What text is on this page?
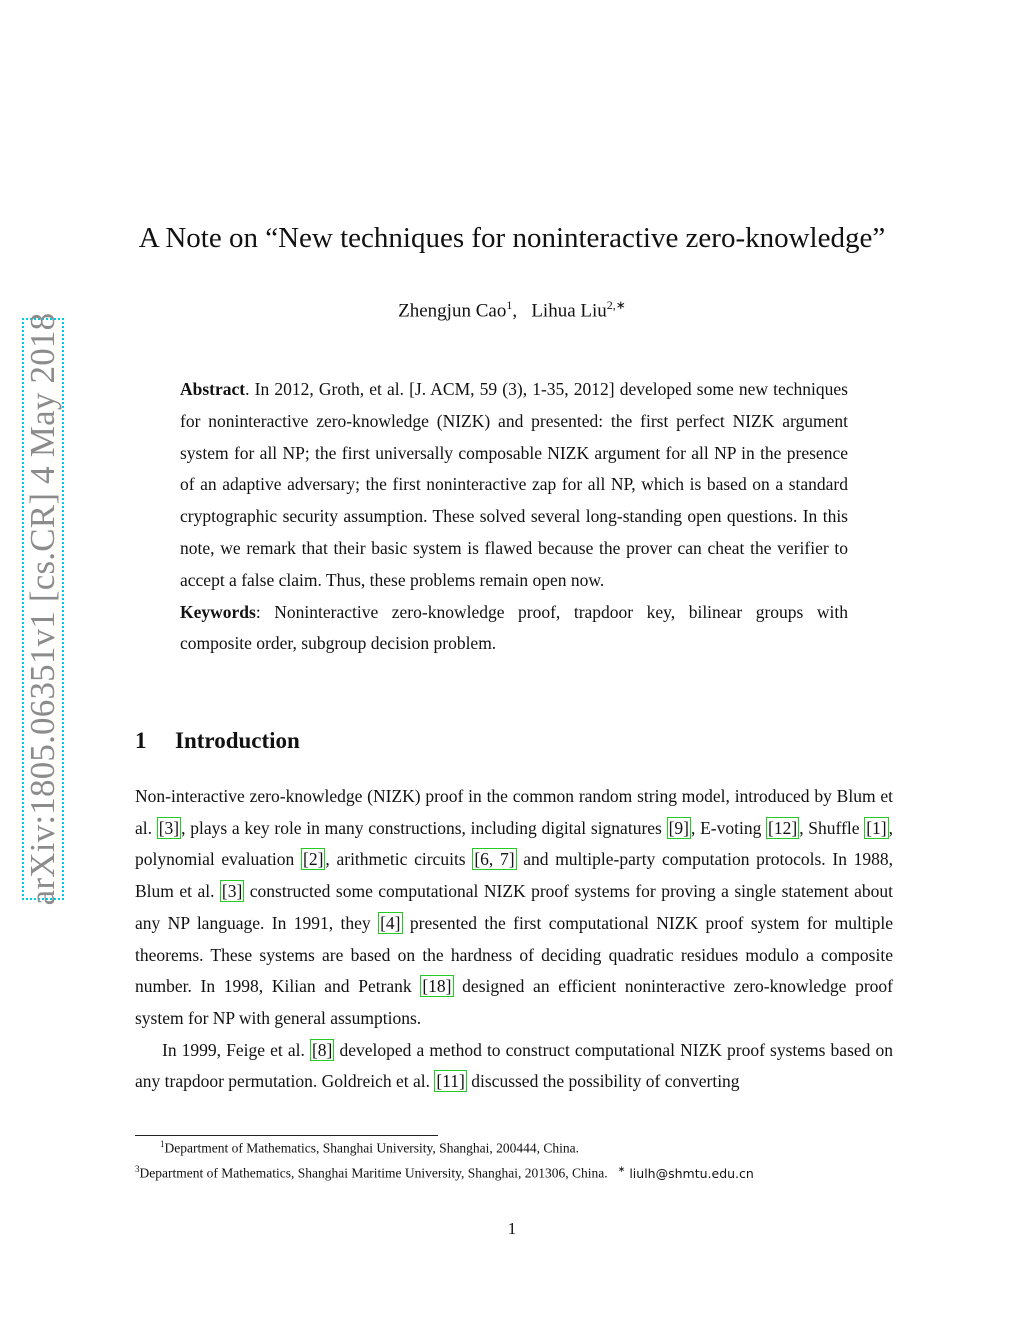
arXiv:1805.06351v1 [cs.CR] 4 May 2018
A Note on “New techniques for noninteractive zero-knowledge”
Zhengjun Cao$^1$,   Lihua Liu$^{2,∗}$

Abstract. In 2012, Groth, et al. [J. ACM, 59 (3), 1-35, 2012] developed some new techniques for noninteractive zero-knowledge (NIZK) and presented: the first perfect NIZK argument system for all NP; the first universally composable NIZK argument for all NP in the presence of an adaptive adversary; the first noninteractive zap for all NP, which is based on a standard cryptographic security assumption. These solved several long-standing open questions. In this note, we remark that their basic system is flawed because the prover can cheat the verifier to accept a false claim. Thus, these problems remain open now.

Keywords: Noninteractive zero-knowledge proof, trapdoor key, bilinear groups with composite order, subgroup decision problem.

1 Introduction

Non-interactive zero-knowledge (NIZK) proof in the common random string model, introduced by Blum et al. [3] , plays a key role in many constructions, including digital signatures [9] , E-voting [12] , Shuffle [1] , polynomial evaluation [2] , arithmetic circuits [6, 7] and multiple-party computation protocols. In 1988, Blum et al. [3] constructed some computational NIZK proof systems for proving a single statement about any NP language. In 1991, they [4] presented the first computational NIZK proof system for multiple theorems. These systems are based on the hardness of deciding quadratic residues modulo a composite number. In 1998, Kilian and Petrank [18] designed an efficient noninteractive zero-knowledge proof system for NP with general assumptions.

In 1999, Feige et al. [8] developed a method to construct computational NIZK proof systems based on any trapdoor permutation. Goldreich et al. [11] discussed the possibility of converting

$^1$Department of Mathematics, Shanghai University, Shanghai, 200444, China.
$^3$Department of Mathematics, Shanghai Maritime University, Shanghai, 201306, China. ∗ liulh@shmtu.edu.cn
1
